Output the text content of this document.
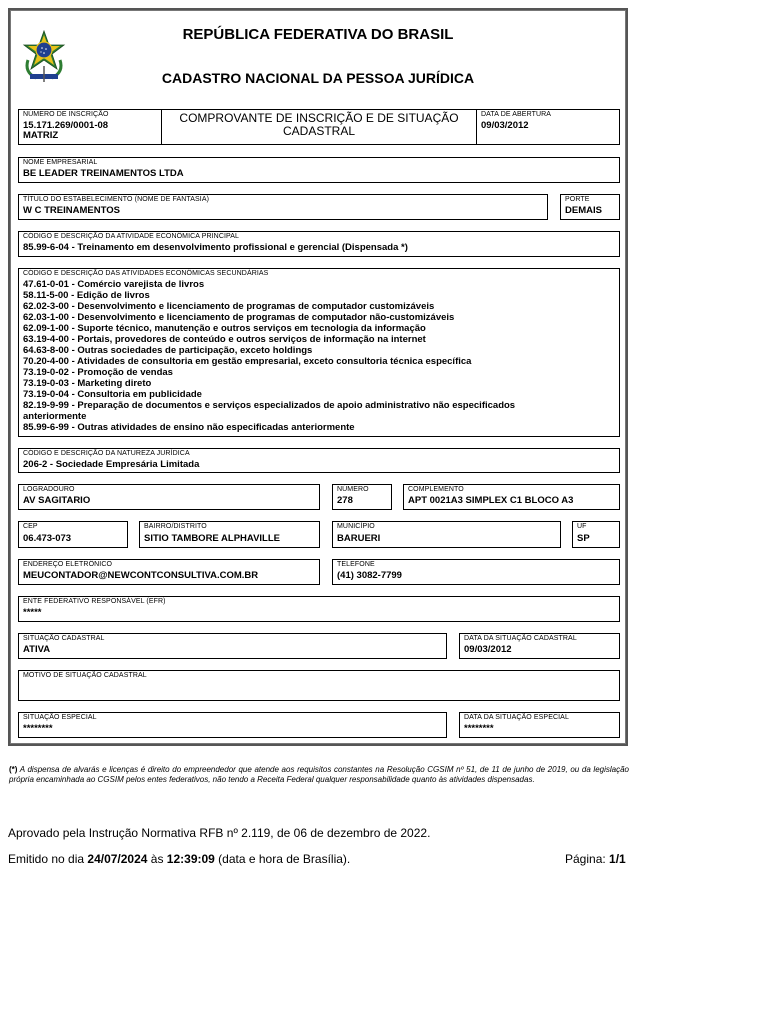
REPÚBLICA FEDERATIVA DO BRASIL
CADASTRO NACIONAL DA PESSOA JURÍDICA
NÚMERO DE INSCRIÇÃO
15.171.269/0001-08
MATRIZ
COMPROVANTE DE INSCRIÇÃO E DE SITUAÇÃO
CADASTRAL
DATA DE ABERTURA
09/03/2012
NOME EMPRESARIAL
BE LEADER TREINAMENTOS LTDA
TÍTULO DO ESTABELECIMENTO (NOME DE FANTASIA)
W C TREINAMENTOS
PORTE
DEMAIS
CÓDIGO E DESCRIÇÃO DA ATIVIDADE ECONÔMICA PRINCIPAL
85.99-6-04 - Treinamento em desenvolvimento profissional e gerencial (Dispensada *)
CÓDIGO E DESCRIÇÃO DAS ATIVIDADES ECONÔMICAS SECUNDÁRIAS
47.61-0-01 - Comércio varejista de livros
58.11-5-00 - Edição de livros
62.02-3-00 - Desenvolvimento e licenciamento de programas de computador customizáveis
62.03-1-00 - Desenvolvimento e licenciamento de programas de computador não-customizáveis
62.09-1-00 - Suporte técnico, manutenção e outros serviços em tecnologia da informação
63.19-4-00 - Portais, provedores de conteúdo e outros serviços de informação na internet
64.63-8-00 - Outras sociedades de participação, exceto holdings
70.20-4-00 - Atividades de consultoria em gestão empresarial, exceto consultoria técnica específica
73.19-0-02 - Promoção de vendas
73.19-0-03 - Marketing direto
73.19-0-04 - Consultoria em publicidade
82.19-9-99 - Preparação de documentos e serviços especializados de apoio administrativo não especificados anteriormente
85.99-6-99 - Outras atividades de ensino não especificadas anteriormente
CÓDIGO E DESCRIÇÃO DA NATUREZA JURÍDICA
206-2 - Sociedade Empresária Limitada
LOGRADOURO
AV SAGITARIO
NÚMERO
278
COMPLEMENTO
APT 0021A3 SIMPLEX C1 BLOCO A3
CEP
06.473-073
BAIRRO/DISTRITO
SITIO TAMBORE ALPHAVILLE
MUNICÍPIO
BARUERI
UF
SP
ENDEREÇO ELETRÔNICO
MEUCONTADOR@NEWCONTCONSULTIVA.COM.BR
TELEFONE
(41) 3082-7799
ENTE FEDERATIVO RESPONSÁVEL (EFR)
*****
SITUAÇÃO CADASTRAL
ATIVA
DATA DA SITUAÇÃO CADASTRAL
09/03/2012
MOTIVO DE SITUAÇÃO CADASTRAL
SITUAÇÃO ESPECIAL
********
DATA DA SITUAÇÃO ESPECIAL
********
(*) A dispensa de alvarás e licenças é direito do empreendedor que atende aos requisitos constantes na Resolução CGSIM nº 51, de 11 de junho de 2019, ou da legislação própria encaminhada ao CGSIM pelos entes federativos, não tendo a Receita Federal qualquer responsabilidade quanto às atividades dispensadas.
Aprovado pela Instrução Normativa RFB nº 2.119, de 06 de dezembro de 2022.
Emitido no dia 24/07/2024 às 12:39:09 (data e hora de Brasília).	Página: 1/1
